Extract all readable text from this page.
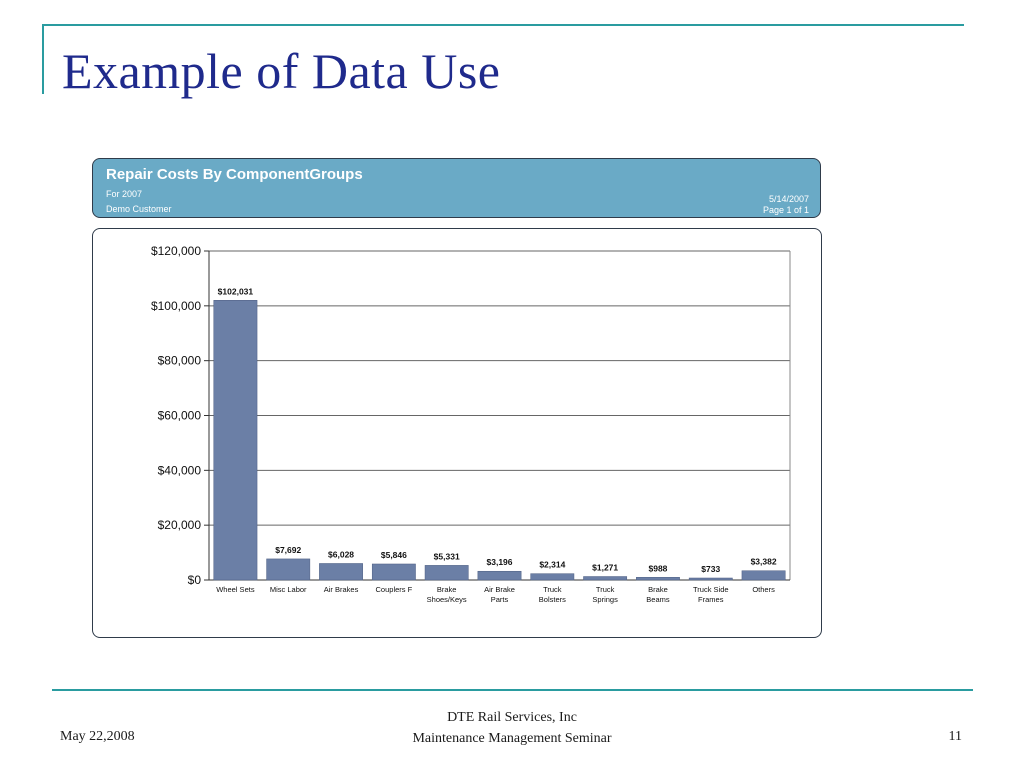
Example of Data Use
Repair Costs By ComponentGroups
For 2007
Demo Customer
5/14/2007
Page 1 of 1
$0
$20,000
$40,000
$60,000
$80,000
$100,000
$120,000
$102,031
Wheel Sets
$7,692
Misc Labor
$6,028
Air Brakes
$5,846
Couplers F
$5,331
Brake
Shoes/Keys
$3,196
Air Brake
Parts
$2,314
Truck
Bolsters
$1,271
Truck
Springs
$988
Brake
Beams
$733
Truck Side
Frames
$3,382
Others
May 22,2008
DTE Rail Services, Inc
Maintenance Management Seminar	11
